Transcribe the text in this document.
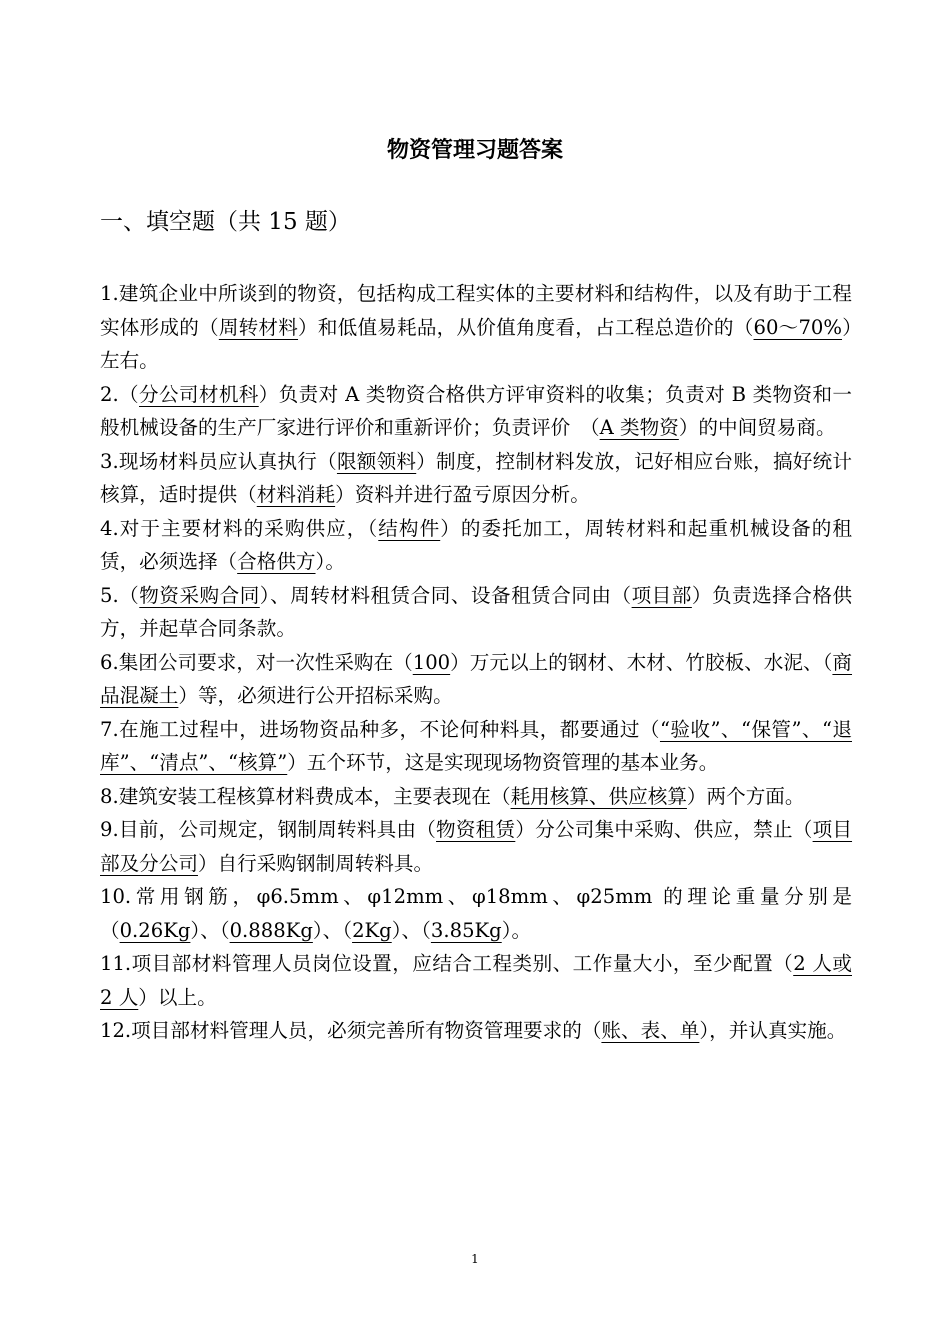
物资管理习题答案
一、填空题（共 15 题）
1.建筑企业中所谈到的物资，包括构成工程实体的主要材料和结构件，以及有助于工程实体形成的（周转材料）和低值易耗品，从价值角度看，占工程总造价的（60～70%）左右。
2.（分公司材机科）负责对 A 类物资合格供方评审资料的收集；负责对 B 类物资和一般机械设备的生产厂家进行评价和重新评价；负责评价　（A 类物资）的中间贸易商。
3.现场材料员应认真执行（限额领料）制度，控制材料发放，记好相应台账，搞好统计核算，适时提供（材料消耗）资料并进行盈亏原因分析。
4.对于主要材料的采购供应，（结构件）的委托加工，周转材料和起重机械设备的租赁，必须选择（合格供方）。
5.（物资采购合同）、周转材料租赁合同、设备租赁合同由（项目部）负责选择合格供方，并起草合同条款。
6.集团公司要求，对一次性采购在（100）万元以上的钢材、木材、竹胶板、水泥、（商品混凝土）等，必须进行公开招标采购。
7.在施工过程中，进场物资品种多，不论何种料具，都要通过（“验收”、“保管”、“退库”、“清点”、“核算”）五个环节，这是实现现场物资管理的基本业务。
8.建筑安装工程核算材料费成本，主要表现在（耗用核算、供应核算）两个方面。
9.目前，公司规定，钢制周转料具由（物资租赁）分公司集中采购、供应，禁止（项目部及分公司）自行采购钢制周转料具。
10.常用钢筋，φ6.5mm、φ12mm、φ18mm、φ25mm 的理论重量分别是（0.26Kg）、（0.888Kg）、（2Kg）、（3.85Kg）。
11.项目部材料管理人员岗位设置，应结合工程类别、工作量大小，至少配置（2 人或 2 人）以上。
12.项目部材料管理人员，必须完善所有物资管理要求的（账、表、单），并认真实施。
1
